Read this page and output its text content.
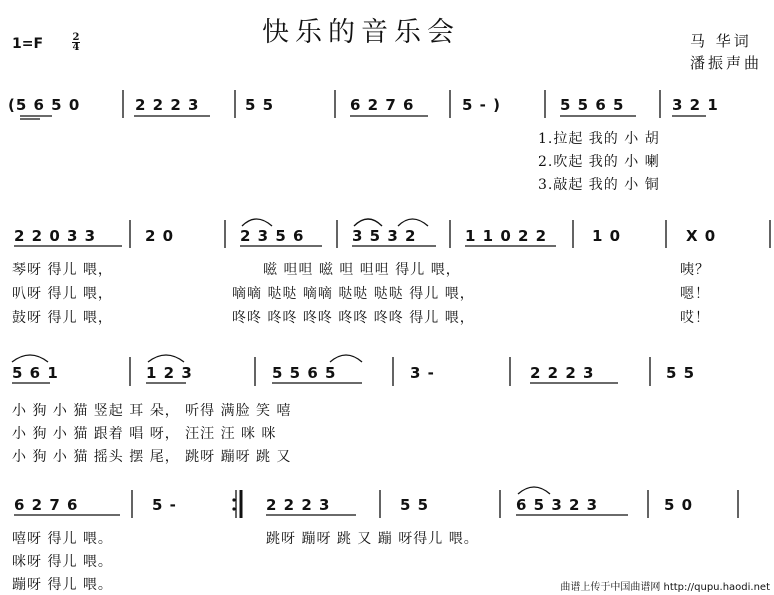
快乐的音乐会
1=F	2
4	马 华词
潘振声曲
(5 6 5 0	2 2 2 3	5 5	6 2 7 6	5 - )	5 5 6 5	3 2 1
1.拉起 我的 小 胡
2.吹起 我的 小 喇
3.敲起 我的 小 铜
2 2 0 3 3	2 0	2 3 5 6	3 5 3 2	1 1 0 2 2	1 0	X 0
琴呀 得儿 喂，	嗞 呾呾 嗞 呾 呾呾 得儿 喂，	咦？
叭呀 得儿 喂，	嘀嘀 哒哒 嘀嘀 哒哒 哒哒 得儿 喂，	嗯！
鼓呀 得儿 喂，	咚咚 咚咚 咚咚 咚咚 咚咚 得儿 喂，	哎！
5 6 1	1 2 3	5 5 6 5	3 -	2 2 2 3	5 5
小 狗 小 猫 竖起 耳 朵， 听得 满脸 笑 嘻
小 狗 小 猫 跟着 唱 呀， 汪汪 汪 咪 咪
小 狗 小 猫 摇头 摆 尾， 跳呀 蹦呀 跳 又
6 2 7 6	5 -	2 2 2 3	5 5	6 5 3 2 3	5 0
嘻呀 得儿 喂。	跳呀 蹦呀 跳 又 蹦 呀得儿 喂。
咪呀 得儿 喂。
蹦呀 得儿 喂。	曲谱上传于中国曲谱网 http://qupu.haodi.net
